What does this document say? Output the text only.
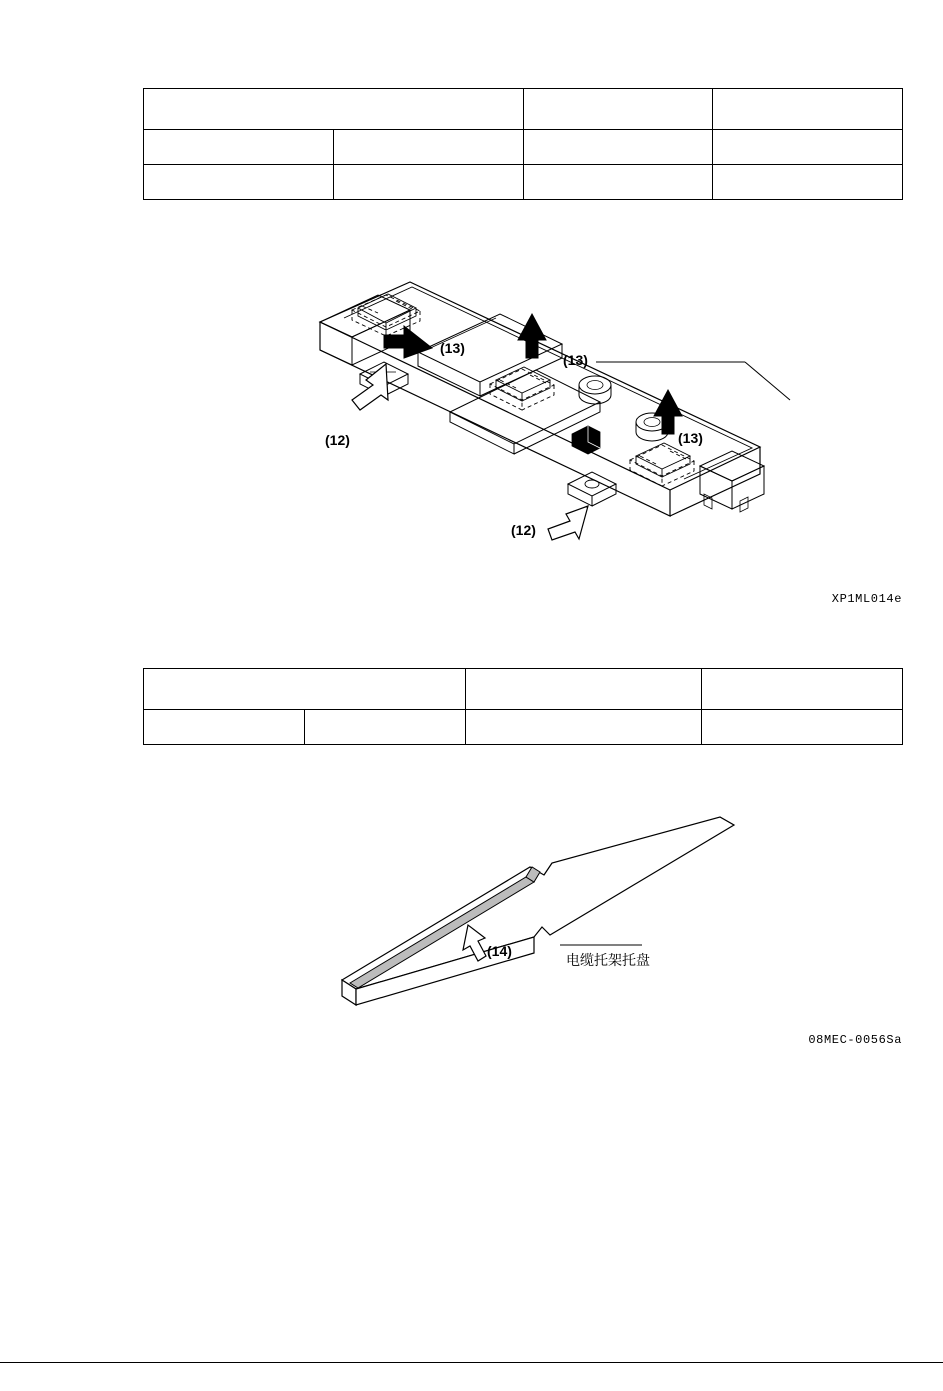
(13)
(13)
(13)
(12)
(12)
XP1ML014e

(14)
电缆托架托盘
08MEC-0056Sa
